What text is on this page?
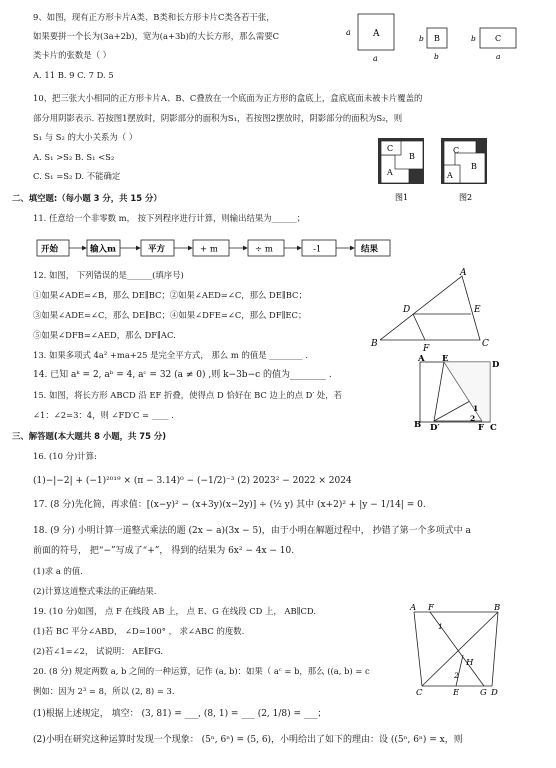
9、如图，现有正方形卡片A类、B类和长方形卡片C类各若干张，
如果要拼一个长为(3a+2b)，宽为(a+3b)的大长方形，那么需要C
类卡片的张数是（ ）
A. 11 B. 9 C. 7 D. 5
A
a
a
B
b
b
C
b
a
10、把三张大小相同的正方形卡片A、B、C叠放在一个底面为正方形的盒底上，盒底底面未被卡片覆盖的
部分用阴影表示. 若按图1摆放时，阴影部分的面积为S₁，若按图2摆放时，阴影部分的面积为S₂，则
S₁ 与 S₂ 的大小关系为（ ）
A. S₁ >S₂ B. S₁ <S₂
C. S₁ =S₂ D. 不能确定
C
B
A
图1
C
B
A
图2
二、填空题:（每小题 3 分，共 15 分）
11. 任意给一个非零数 m， 按下列程序进行计算，则输出结果为______；
开始	输入m	平方	+ m	÷ m	-1	结果
12. 如图， 下列错误的是______(填序号)
①如果∠ADE=∠B，那么 DE∥BC；②如果∠AED=∠C，那么 DE∥BC；
③如果∠ADE=∠C，那么 DE∥BC；④如果∠DFE=∠C，那么 DF∥EC；
⑤如果∠DFB=∠AED，那么 DF∥AC.
A
B	C
D	E
F
13. 如果多项式 4a² +ma+25 是完全平方式， 那么 m 的值是 ________ .
14. 已知 aᵏ = 2, aᵇ = 4, aᶜ = 32 (a ≠ 0) ,则 k−3b−c 的值为________ .
15. 如图，将长方形 ABCD 沿 EF 折叠，使得点 D 恰好在 BC 边上的点 D′ 处，若
∠1：∠2=3：4，则 ∠FD′C = ____ .
A E
D
B D′	F C
1
2
三、解答题(本大题共 8 小题，共 75 分)
16. (10 分)计算:
(1)−|−2| + (−1)²⁰¹⁹ × (π − 3.14)⁰ − (−1/2)⁻³ (2) 2023² − 2022 × 2024
17. (8 分)先化简，再求值：[(x−y)² − (x+3y)(x−2y)] ÷ (½ y) 其中 (x+2)² + |y − 1/14| = 0.
18. (9 分) 小明计算一道整式乘法的题 (2x − a)(3x − 5)，由于小明在解题过程中， 抄错了第一个多项式中 a
前面的符号， 把“−”写成了“+”， 得到的结果为 6x² − 4x − 10.
(1)求 a 的值.
(2)计算这道整式乘法的正确结果.
19. (10 分)如图， 点 F 在线段 AB 上， 点 E、G 在线段 CD 上， AB∥CD.
(1)若 BC 平分∠ABD， ∠D=100° ， 求∠ABC 的度数.
(2)若∠1=∠2， 试说明： AE∥FG.
A F	B
1
2
H
C	E G D
20. (8 分) 规定两数 a, b 之间的一种运算，记作 (a, b)：如果（ aᶜ = b，那么 ((a, b) = c
例如：因为 2³ = 8，所以 (2, 8) = 3.
(1)根据上述规定， 填空： (3, 81) = ___, (8, 1) = ___ (2, 1/8) = ___；
(2)小明在研究这种运算时发现一个现象： (5ⁿ, 6ⁿ) = (5, 6)，小明给出了如下的理由：设 ((5ⁿ, 6ⁿ) = x，则
